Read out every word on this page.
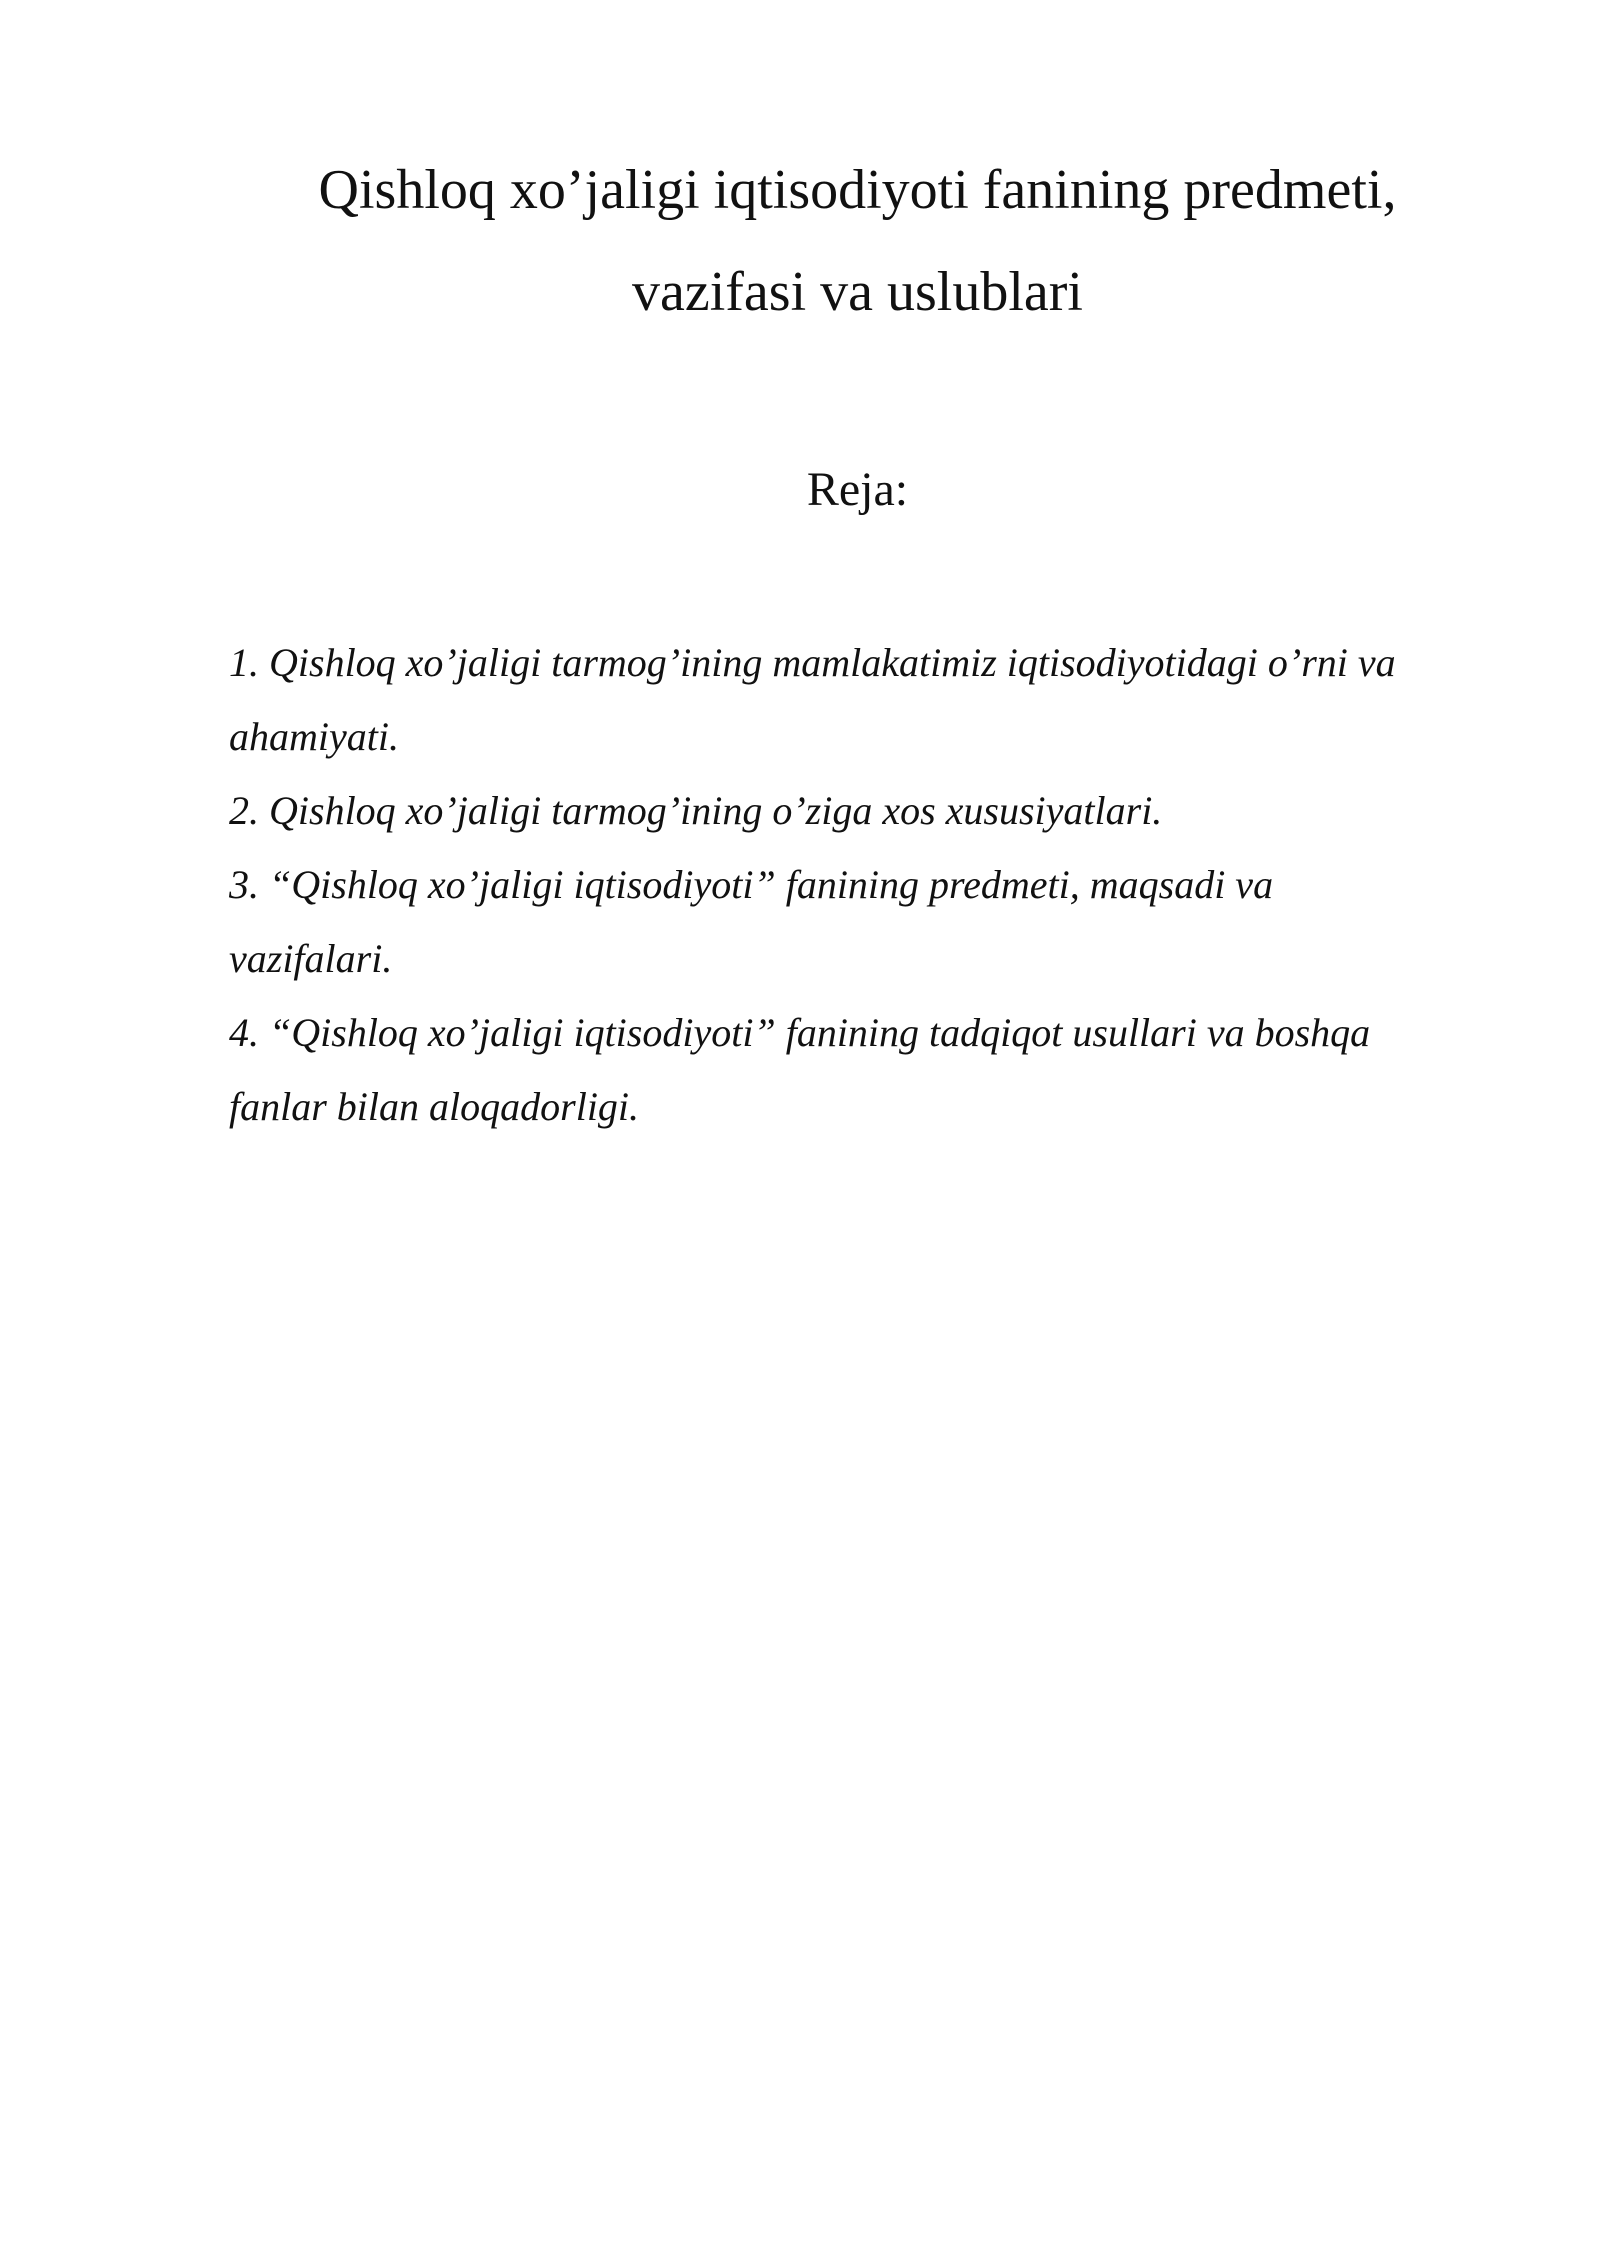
Qishloq xo’jaligi iqtisodiyoti fanining predmeti,
vazifasi va uslublari
Reja:
1. Qishloq xo’jaligi tarmog’ining mamlakatimiz iqtisodiyotidagi o’rni va
ahamiyati.
2. Qishloq xo’jaligi tarmog’ining o’ziga xos xususiyatlari.
3. “Qishloq xo’jaligi iqtisodiyoti” fanining predmeti, maqsadi va
vazifalari.
4. “Qishloq xo’jaligi iqtisodiyoti” fanining tadqiqot usullari va boshqa
fanlar bilan aloqadorligi.
